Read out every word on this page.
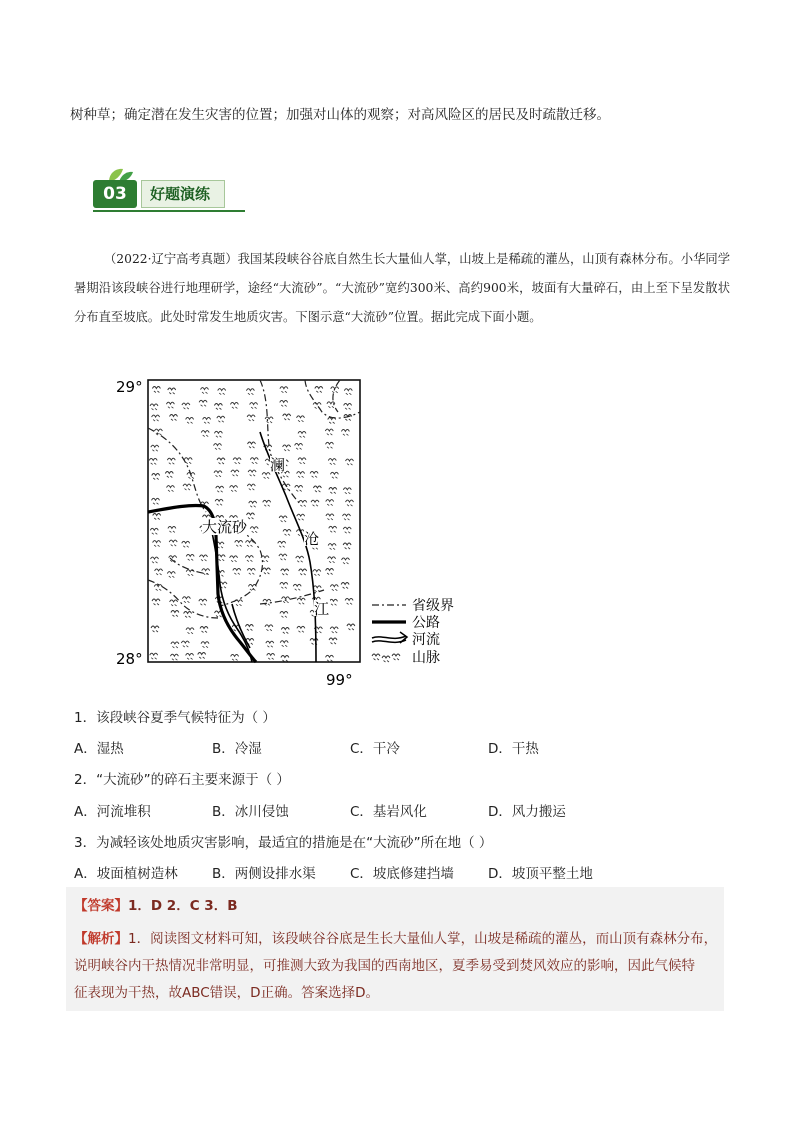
树种草；确定潜在发生灾害的位置；加强对山体的观察；对高风险区的居民及时疏散迁移。
03	好题演练
（2022·辽宁高考真题）我国某段峡谷谷底自然生长大量仙人掌，山坡上是稀疏的灌丛，山顶有森林分布。小华同学暑期沿该段峡谷进行地理研学，途经“大流砂”。“大流砂”宽约300米、高约900米，坡面有大量碎石，由上至下呈发散状分布直至坡底。此处时常发生地质灾害。下图示意“大流砂”位置。据此完成下面小题。
29°
28°
99°
大流砂
澜
沧
江	省级界
公路
河流
山脉
1．该段峡谷夏季气候特征为（ ）
A．湿热	B．冷湿	C．干冷	D．干热
2．“大流砂”的碎石主要来源于（ ）
A．河流堆积	B．冰川侵蚀	C．基岩风化	D．风力搬运
3．为减轻该处地质灾害影响，最适宜的措施是在“大流砂”所在地（ ）
A．坡面植树造林	B．两侧设排水渠	C．坡底修建挡墙	D．坡顶平整土地
【答案】1．D 2．C 3．B
【解析】1．阅读图文材料可知，该段峡谷谷底是生长大量仙人掌，山坡是稀疏的灌丛，而山顶有森林分布，
说明峡谷内干热情况非常明显，可推测大致为我国的西南地区，夏季易受到焚风效应的影响，因此气候特
征表现为干热，故ABC错误，D正确。答案选择D。
